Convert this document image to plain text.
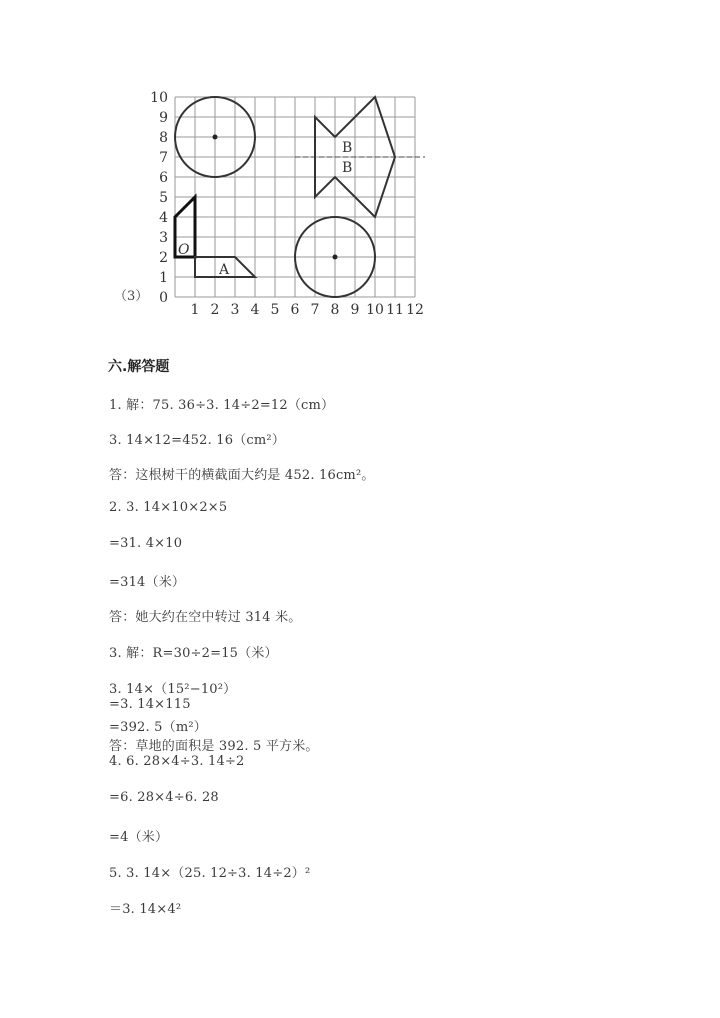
10
9
8
7
6
5
4
3
2
1
0
1 2 3 4 5 6 7 8 9 10 11 12
O
A
B
B
（3）
六.解答题
1. 解：75. 36÷3. 14÷2=12（cm）
3. 14×12=452. 16（cm²）
答：这根树干的横截面大约是 452. 16cm²。
2. 3. 14×10×2×5
=31. 4×10
=314（米）
答：她大约在空中转过 314 米。
3. 解：R=30÷2=15（米）
3. 14×（15²−10²）
=3. 14×115
=392. 5（m²）
答：草地的面积是 392. 5 平方米。
4. 6. 28×4÷3. 14÷2
=6. 28×4÷6. 28
=4（米）
5. 3. 14×（25. 12÷3. 14÷2）²
＝3. 14×4²
